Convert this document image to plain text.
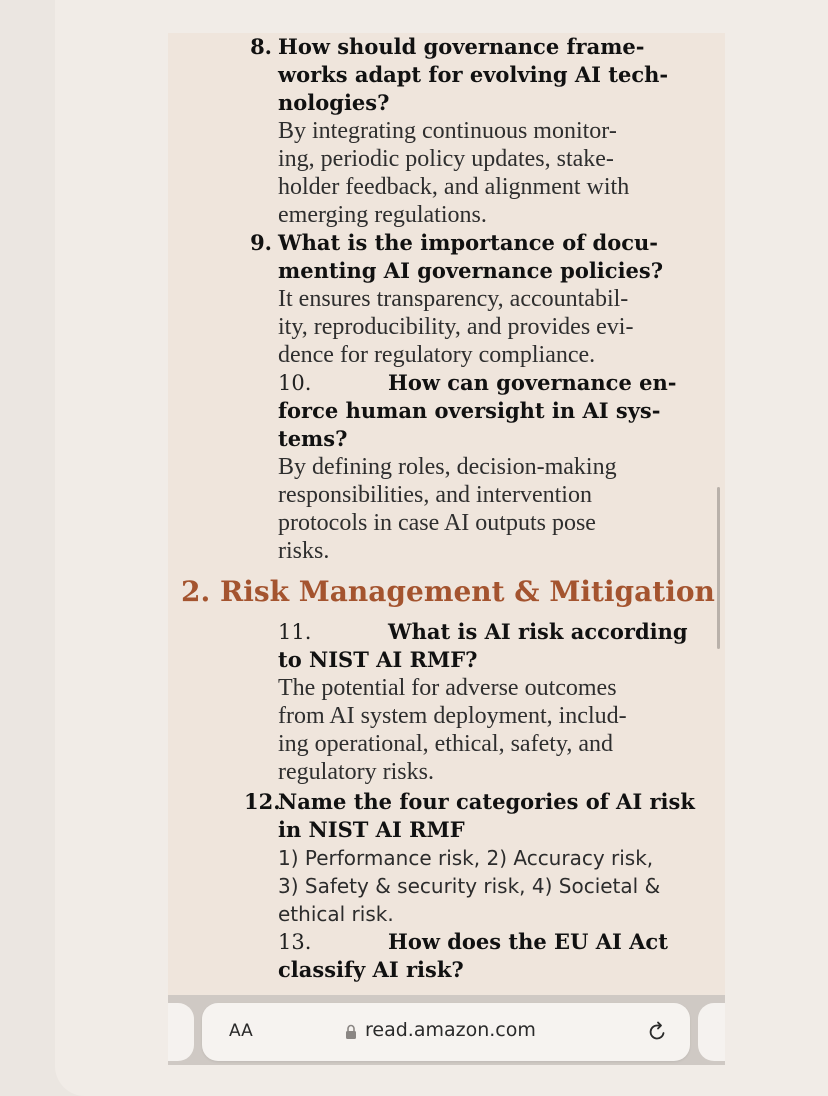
8. How should governance frame-

works adapt for evolving AI tech-

nologies?

By integrating continuous monitor-

ing, periodic policy updates, stake-

holder feedback, and alignment with

emerging regulations.

9. What is the importance of docu-

menting AI governance policies?

It ensures transparency, accountabil-

ity, reproducibility, and provides evi-

dence for regulatory compliance.

10.	How can governance en-

force human oversight in AI sys-

tems?

By defining roles, decision-making

responsibilities, and intervention

protocols in case AI outputs pose

risks.

2. Risk Management & Mitigation
11.	What is AI risk according

to NIST AI RMF?

The potential for adverse outcomes

from AI system deployment, includ-

ing operational, ethical, safety, and

regulatory risks.

12.

Name the four categories of AI risk

in NIST AI RMF

1) Performance risk, 2) Accuracy risk,

3) Safety & security risk, 4) Societal &

ethical risk.

13.	How does the EU AI Act

classify AI risk?

AA	read.amazon.com
